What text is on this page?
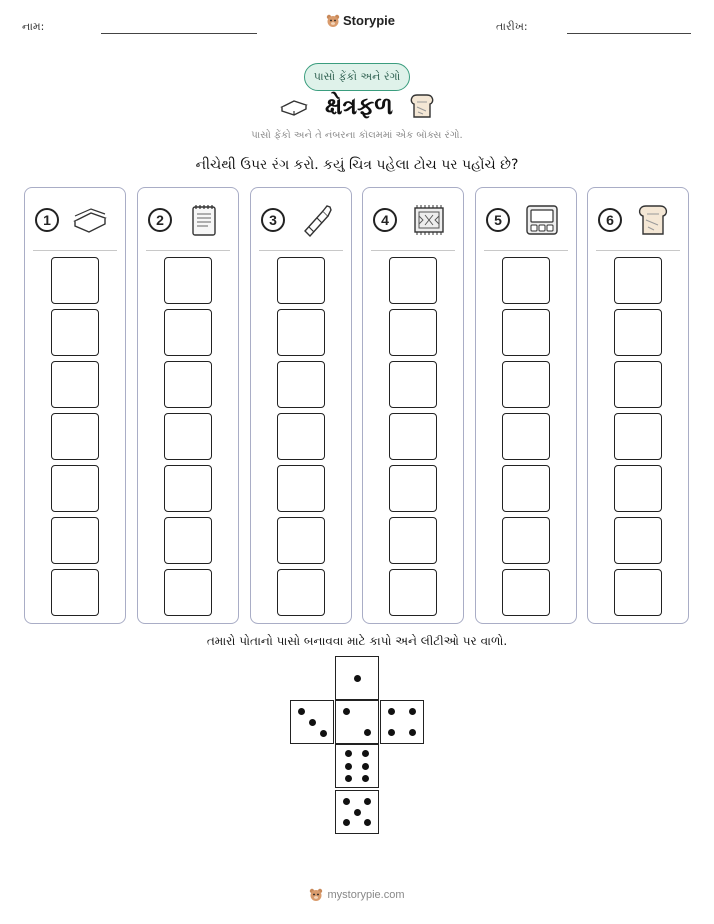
નામ:	Storypie	તારીખ:
પાસો ફેંકો અને રંગો
ક્ષેત્રફળ
પાસો ફેંકો અને તે નંબરના કૉલમમાં એક બૉક્સ રંગો.
નીચેથી ઉપર રંગ કરો. કયું ચિત્ર પહેલા ટોચ પર પહોંચે છે?
1	2	3	4	5	6
તમારો પોતાનો પાસો બનાવવા માટે કાપો અને લીટીઓ પર વાળો.
mystorypie.com
